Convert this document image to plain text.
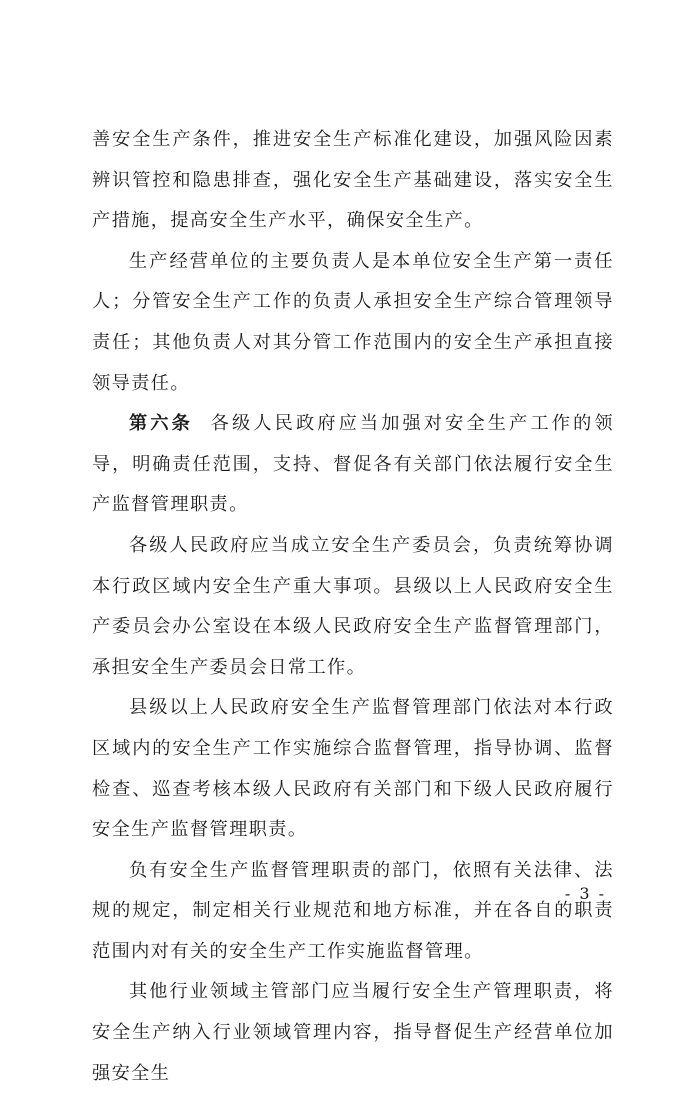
善安全生产条件，推进安全生产标准化建设，加强风险因素辨识管控和隐患排查，强化安全生产基础建设，落实安全生产措施，提高安全生产水平，确保安全生产。

生产经营单位的主要负责人是本单位安全生产第一责任人；分管安全生产工作的负责人承担安全生产综合管理领导责任；其他负责人对其分管工作范围内的安全生产承担直接领导责任。

第六条 各级人民政府应当加强对安全生产工作的领导，明确责任范围，支持、督促各有关部门依法履行安全生产监督管理职责。

各级人民政府应当成立安全生产委员会，负责统筹协调本行政区域内安全生产重大事项。县级以上人民政府安全生产委员会办公室设在本级人民政府安全生产监督管理部门，承担安全生产委员会日常工作。

县级以上人民政府安全生产监督管理部门依法对本行政区域内的安全生产工作实施综合监督管理，指导协调、监督检查、巡查考核本级人民政府有关部门和下级人民政府履行安全生产监督管理职责。

负有安全生产监督管理职责的部门，依照有关法律、法规的规定，制定相关行业规范和地方标准，并在各自的职责范围内对有关的安全生产工作实施监督管理。

其他行业领域主管部门应当履行安全生产管理职责，将安全生产纳入行业领域管理内容，指导督促生产经营单位加强安全生

- 3 -
